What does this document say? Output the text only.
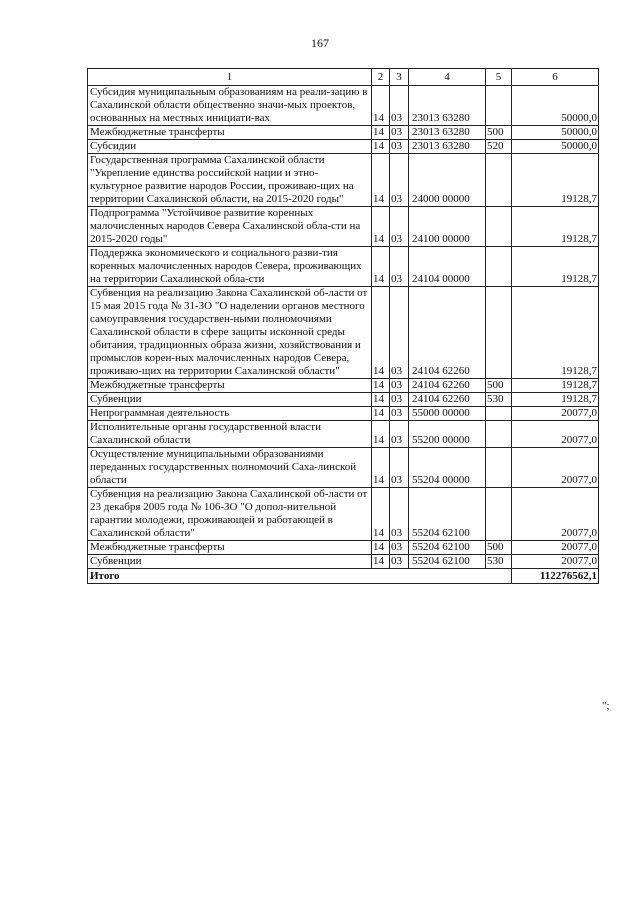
167
1	2	3	4	5	6
Субсидия муниципальным образованиям на реали-зацию в Сахалинской области общественно значи-мых проектов, основанных на местных инициати-вах	14	03	23013 63280		50000,0
Межбюджетные трансферты	14	03	23013 63280	500	50000,0
Субсидии	14	03	23013 63280	520	50000,0
Государственная программа Сахалинской области "Укрепление единства российской нации и этно-культурное развитие народов России, проживаю-щих на территории Сахалинской области, на 2015-2020 годы"	14	03	24000 00000		19128,7
Подпрограмма "Устойчивое развитие коренных малочисленных народов Севера Сахалинской обла-сти на 2015-2020 годы"	14	03	24100 00000		19128,7
Поддержка экономического и социального разви-тия коренных малочисленных народов Севера, проживающих на территории Сахалинской обла-сти	14	03	24104 00000		19128,7
Субвенция на реализацию Закона Сахалинской об-ласти от 15 мая 2015 года № 31-ЗО "О наделении органов местного самоуправления государствен-ными полномочиями Сахалинской области в сфере защиты исконной среды обитания, традиционных образа жизни, хозяйствования и промыслов корен-ных малочисленных народов Севера, проживаю-щих на территории Сахалинской области"	14	03	24104 62260		19128,7
Межбюджетные трансферты	14	03	24104 62260	500	19128,7
Субвенции	14	03	24104 62260	530	19128,7
Непрограммная деятельность	14	03	55000 00000		20077,0
Исполнительные органы государственной власти Сахалинской области	14	03	55200 00000		20077,0
Осуществление муниципальными образованиями переданных государственных полномочий Саха-линской области	14	03	55204 00000		20077,0
Субвенция на реализацию Закона Сахалинской об-ласти от 23 декабря 2005 года № 106-ЗО "О допол-нительной гарантии молодежи, проживающей и работающей в Сахалинской области"	14	03	55204 62100		20077,0
Межбюджетные трансферты	14	03	55204 62100	500	20077,0
Субвенции	14	03	55204 62100	530	20077,0
Итого					112276562,1
";
